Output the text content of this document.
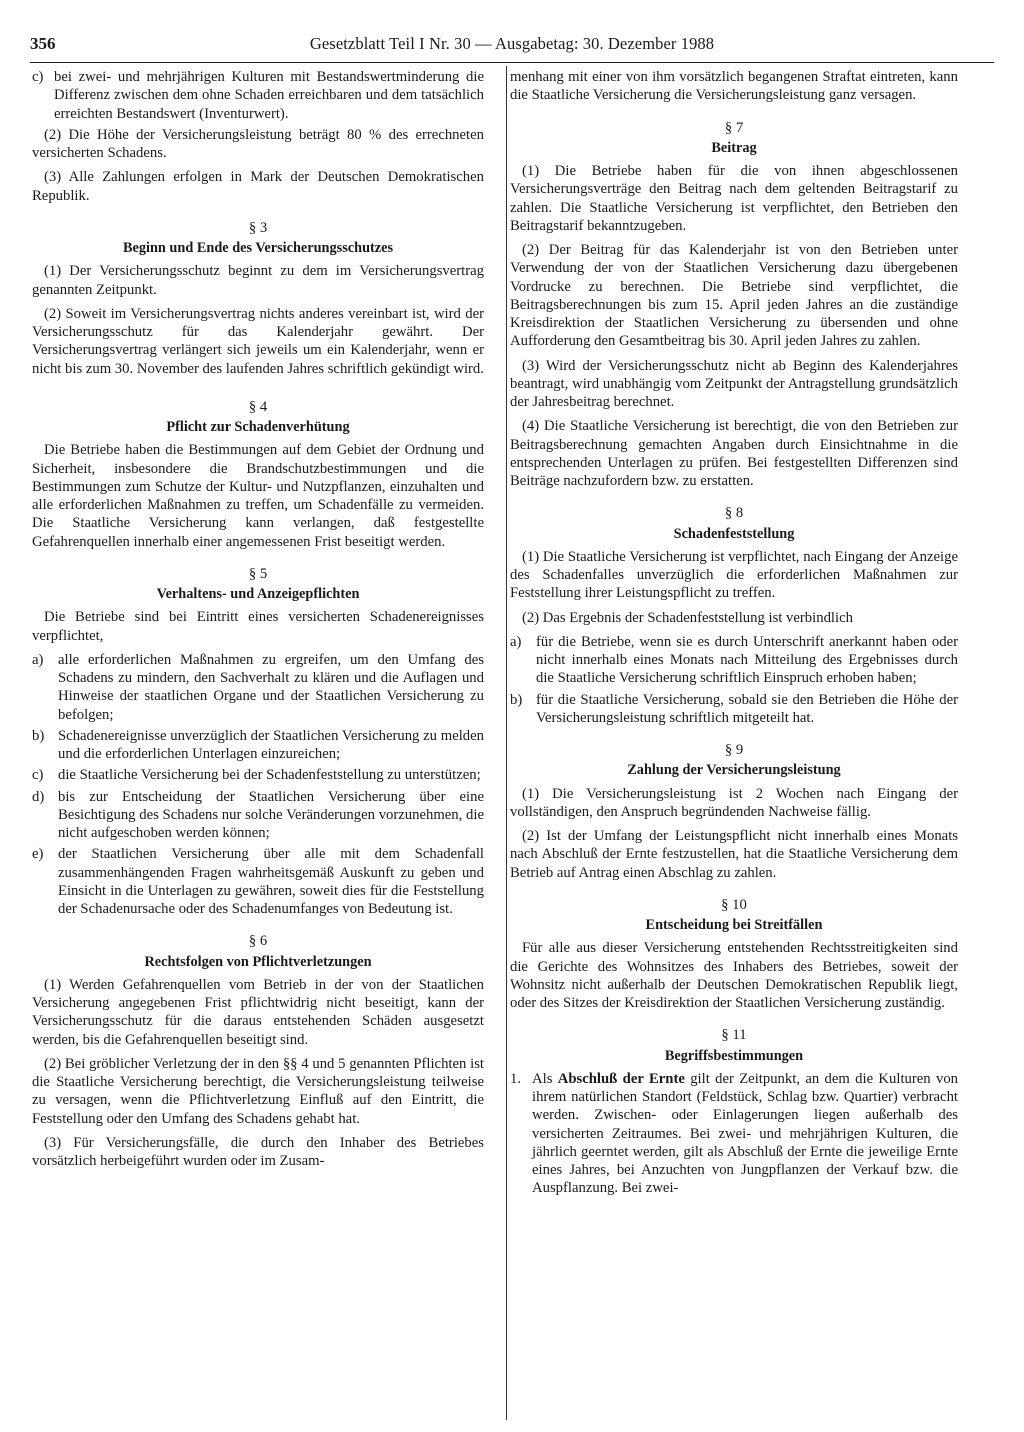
356	Gesetzblatt Teil I Nr. 30 — Ausgabetag: 30. Dezember 1988
c) bei zwei- und mehrjährigen Kulturen mit Bestandswertminderung die Differenz zwischen dem ohne Schaden erreichbaren und dem tatsächlich erreichten Bestandswert (Inventurwert).

(2) Die Höhe der Versicherungsleistung beträgt 80 % des errechneten versicherten Schadens.

(3) Alle Zahlungen erfolgen in Mark der Deutschen Demokratischen Republik.

§ 3
Beginn und Ende des Versicherungsschutzes

(1) Der Versicherungsschutz beginnt zu dem im Versicherungsvertrag genannten Zeitpunkt.

(2) Soweit im Versicherungsvertrag nichts anderes vereinbart ist, wird der Versicherungsschutz für das Kalenderjahr gewährt. Der Versicherungsvertrag verlängert sich jeweils um ein Kalenderjahr, wenn er nicht bis zum 30. November des laufenden Jahres schriftlich gekündigt wird.

§ 4
Pflicht zur Schadenverhütung

Die Betriebe haben die Bestimmungen auf dem Gebiet der Ordnung und Sicherheit, insbesondere die Brandschutzbestimmungen und die Bestimmungen zum Schutze der Kultur- und Nutzpflanzen, einzuhalten und alle erforderlichen Maßnahmen zu treffen, um Schadenfälle zu vermeiden. Die Staatliche Versicherung kann verlangen, daß festgestellte Gefahrenquellen innerhalb einer angemessenen Frist beseitigt werden.

§ 5
Verhaltens- und Anzeigepflichten

Die Betriebe sind bei Eintritt eines versicherten Schadenereignisses verpflichtet,

a) alle erforderlichen Maßnahmen zu ergreifen, um den Umfang des Schadens zu mindern, den Sachverhalt zu klären und die Auflagen und Hinweise der staatlichen Organe und der Staatlichen Versicherung zu befolgen;
b) Schadenereignisse unverzüglich der Staatlichen Versicherung zu melden und die erforderlichen Unterlagen einzureichen;
c) die Staatliche Versicherung bei der Schadenfeststellung zu unterstützen;
d) bis zur Entscheidung der Staatlichen Versicherung über eine Besichtigung des Schadens nur solche Veränderungen vorzunehmen, die nicht aufgeschoben werden können;
e) der Staatlichen Versicherung über alle mit dem Schadenfall zusammenhängenden Fragen wahrheitsgemäß Auskunft zu geben und Einsicht in die Unterlagen zu gewähren, soweit dies für die Feststellung der Schadenursache oder des Schadenumfanges von Bedeutung ist.
§ 6
Rechtsfolgen von Pflichtverletzungen

(1) Werden Gefahrenquellen vom Betrieb in der von der Staatlichen Versicherung angegebenen Frist pflichtwidrig nicht beseitigt, kann der Versicherungsschutz für die daraus entstehenden Schäden ausgesetzt werden, bis die Gefahrenquellen beseitigt sind.

(2) Bei gröblicher Verletzung der in den §§ 4 und 5 genannten Pflichten ist die Staatliche Versicherung berechtigt, die Versicherungsleistung teilweise zu versagen, wenn die Pflichtverletzung Einfluß auf den Eintritt, die Feststellung oder den Umfang des Schadens gehabt hat.

(3) Für Versicherungsfälle, die durch den Inhaber des Betriebes vorsätzlich herbeigeführt wurden oder im Zusam-

menhang mit einer von ihm vorsätzlich begangenen Straftat eintreten, kann die Staatliche Versicherung die Versicherungsleistung ganz versagen.

§ 7
Beitrag

(1) Die Betriebe haben für die von ihnen abgeschlossenen Versicherungsverträge den Beitrag nach dem geltenden Beitragstarif zu zahlen. Die Staatliche Versicherung ist verpflichtet, den Betrieben den Beitragstarif bekanntzugeben.

(2) Der Beitrag für das Kalenderjahr ist von den Betrieben unter Verwendung der von der Staatlichen Versicherung dazu übergebenen Vordrucke zu berechnen. Die Betriebe sind verpflichtet, die Beitragsberechnungen bis zum 15. April jeden Jahres an die zuständige Kreisdirektion der Staatlichen Versicherung zu übersenden und ohne Aufforderung den Gesamtbeitrag bis 30. April jeden Jahres zu zahlen.

(3) Wird der Versicherungsschutz nicht ab Beginn des Kalenderjahres beantragt, wird unabhängig vom Zeitpunkt der Antragstellung grundsätzlich der Jahresbeitrag berechnet.

(4) Die Staatliche Versicherung ist berechtigt, die von den Betrieben zur Beitragsberechnung gemachten Angaben durch Einsichtnahme in die entsprechenden Unterlagen zu prüfen. Bei festgestellten Differenzen sind Beiträge nachzufordern bzw. zu erstatten.

§ 8
Schadenfeststellung

(1) Die Staatliche Versicherung ist verpflichtet, nach Eingang der Anzeige des Schadenfalles unverzüglich die erforderlichen Maßnahmen zur Feststellung ihrer Leistungspflicht zu treffen.

(2) Das Ergebnis der Schadenfeststellung ist verbindlich

a) für die Betriebe, wenn sie es durch Unterschrift anerkannt haben oder nicht innerhalb eines Monats nach Mitteilung des Ergebnisses durch die Staatliche Versicherung schriftlich Einspruch erhoben haben;
b) für die Staatliche Versicherung, sobald sie den Betrieben die Höhe der Versicherungsleistung schriftlich mitgeteilt hat.
§ 9
Zahlung der Versicherungsleistung

(1) Die Versicherungsleistung ist 2 Wochen nach Eingang der vollständigen, den Anspruch begründenden Nachweise fällig.

(2) Ist der Umfang der Leistungspflicht nicht innerhalb eines Monats nach Abschluß der Ernte festzustellen, hat die Staatliche Versicherung dem Betrieb auf Antrag einen Abschlag zu zahlen.

§ 10
Entscheidung bei Streitfällen

Für alle aus dieser Versicherung entstehenden Rechtsstreitigkeiten sind die Gerichte des Wohnsitzes des Inhabers des Betriebes, soweit der Wohnsitz nicht außerhalb der Deutschen Demokratischen Republik liegt, oder des Sitzes der Kreisdirektion der Staatlichen Versicherung zuständig.

§ 11
Begriffsbestimmungen
1. Als Abschluß der Ernte gilt der Zeitpunkt, an dem die Kulturen von ihrem natürlichen Standort (Feldstück, Schlag bzw. Quartier) verbracht werden. Zwischen- oder Einlagerungen liegen außerhalb des versicherten Zeitraumes. Bei zwei- und mehrjährigen Kulturen, die jährlich geerntet werden, gilt als Abschluß der Ernte die jeweilige Ernte eines Jahres, bei Anzuchten von Jungpflanzen der Verkauf bzw. die Auspflanzung. Bei zwei-
